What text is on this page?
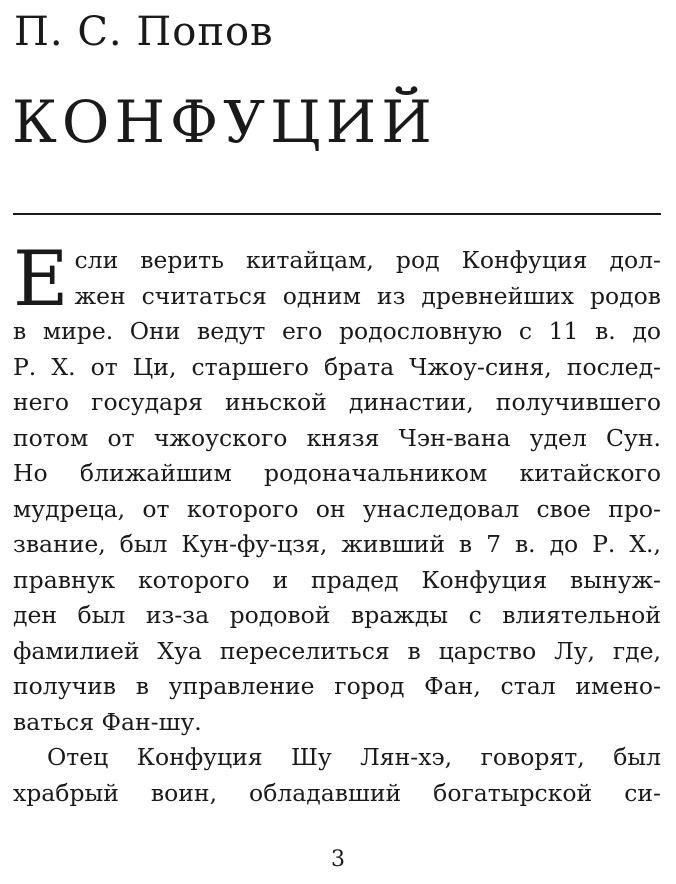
П. С. Попов
КОНФУЦИЙ
Е сли верить китайцам, род Конфуция дол-
жен считаться одним из древнейших родов
в мире. Они ведут его родословную с 11 в. до
Р. Х. от Ци, старшего брата Чжоу-синя, послед-
него государя иньской династии, получившего
потом от чжоуского князя Чэн-вана удел Сун.
Но ближайшим родоначальником китайского
мудреца, от которого он унаследовал свое про-
звание, был Кун-фу-цзя, живший в 7 в. до Р. Х.,
правнук которого и прадед Конфуция вынуж-
ден был из-за родовой вражды с влиятельной
фамилией Хуа переселиться в царство Лу, где,
получив в управление город Фан, стал имено-
ваться Фан-шу.
Отец Конфуция Шу Лян-хэ, говорят, был
храбрый воин, обладавший богатырской си-
3
